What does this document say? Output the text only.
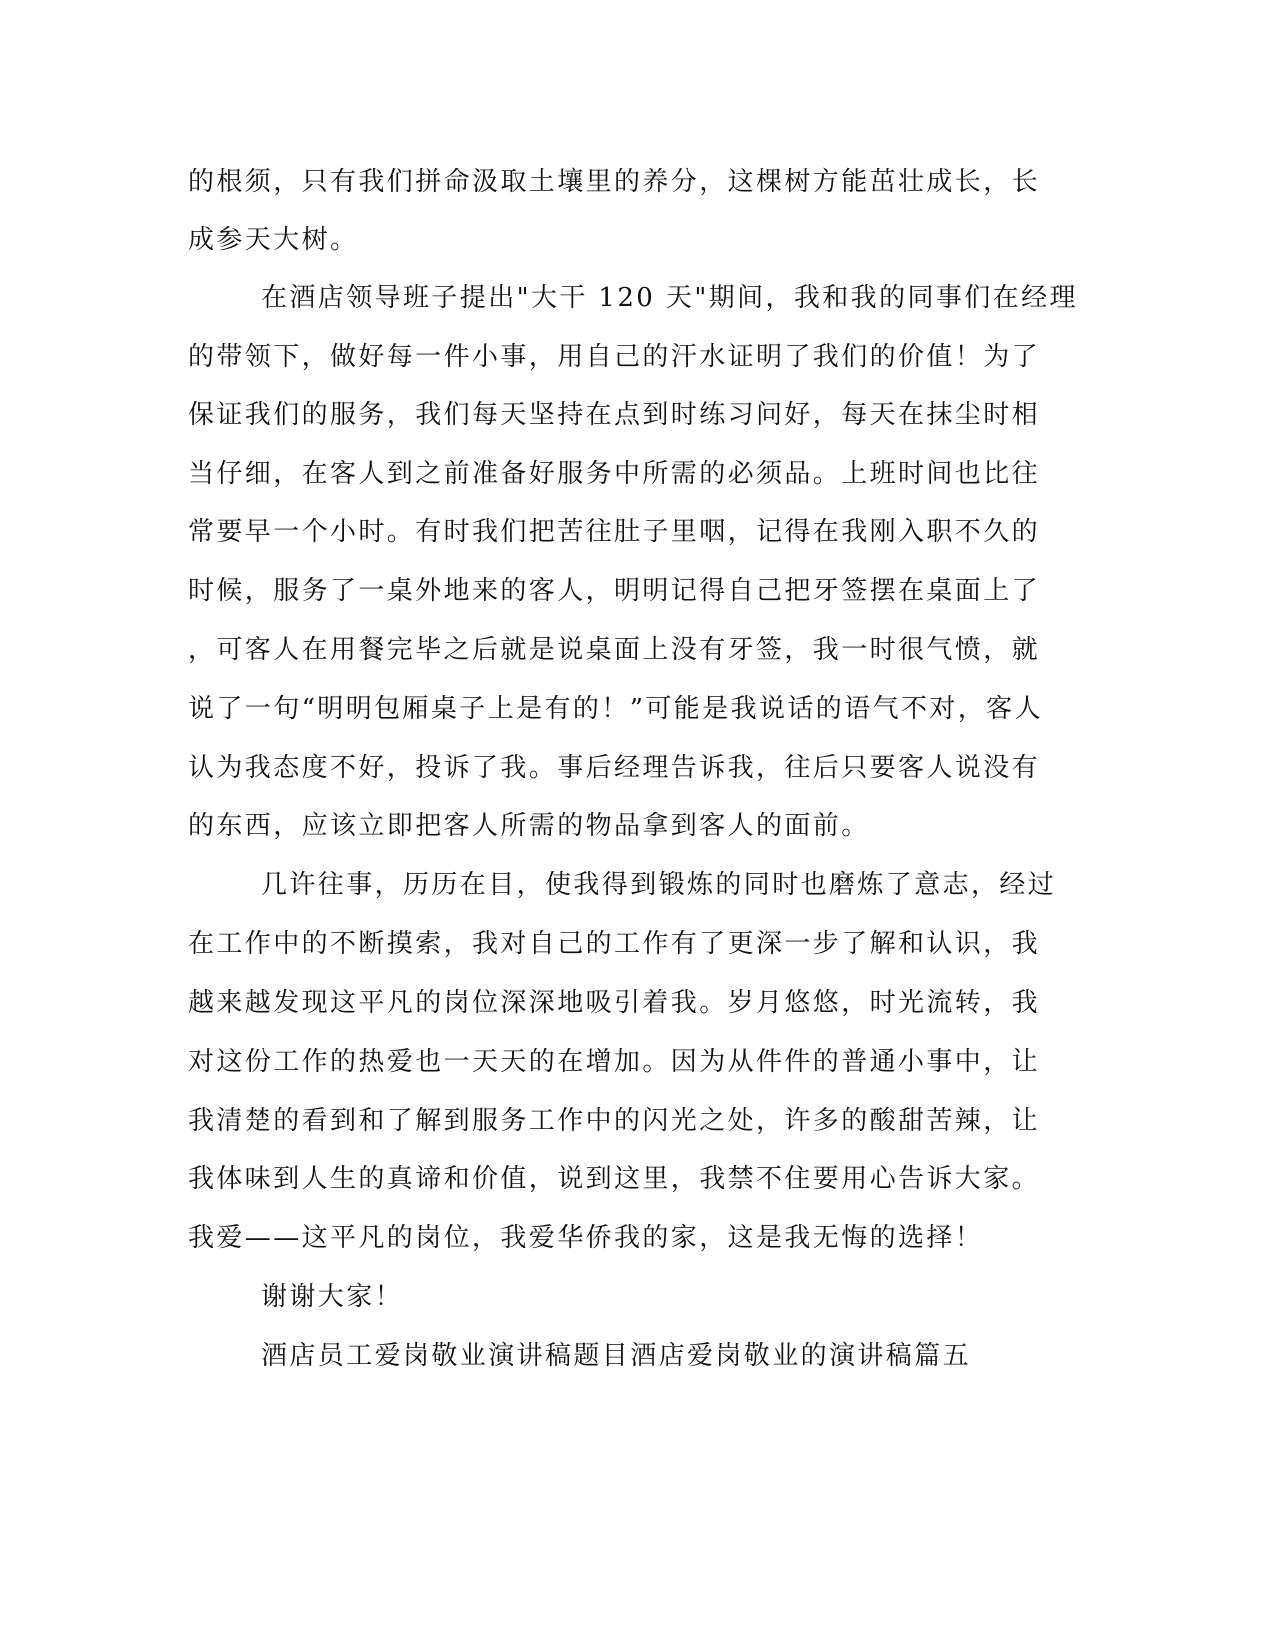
的根须，只有我们拼命汲取土壤里的养分，这棵树方能茁壮成长，长
成参天大树。
在酒店领导班子提出"大干 120 天"期间，我和我的同事们在经理
的带领下，做好每一件小事，用自己的汗水证明了我们的价值！为了
保证我们的服务，我们每天坚持在点到时练习问好，每天在抹尘时相
当仔细，在客人到之前准备好服务中所需的必须品。上班时间也比往
常要早一个小时。有时我们把苦往肚子里咽，记得在我刚入职不久的
时候，服务了一桌外地来的客人，明明记得自己把牙签摆在桌面上了
，可客人在用餐完毕之后就是说桌面上没有牙签，我一时很气愤，就
说了一句“明明包厢桌子上是有的！”可能是我说话的语气不对，客人
认为我态度不好，投诉了我。事后经理告诉我，往后只要客人说没有
的东西，应该立即把客人所需的物品拿到客人的面前。
几许往事，历历在目，使我得到锻炼的同时也磨炼了意志，经过
在工作中的不断摸索，我对自己的工作有了更深一步了解和认识，我
越来越发现这平凡的岗位深深地吸引着我。岁月悠悠，时光流转，我
对这份工作的热爱也一天天的在增加。因为从件件的普通小事中，让
我清楚的看到和了解到服务工作中的闪光之处，许多的酸甜苦辣，让
我体味到人生的真谛和价值，说到这里，我禁不住要用心告诉大家。
我爱——这平凡的岗位，我爱华侨我的家，这是我无悔的选择！
谢谢大家！
酒店员工爱岗敬业演讲稿题目酒店爱岗敬业的演讲稿篇五
